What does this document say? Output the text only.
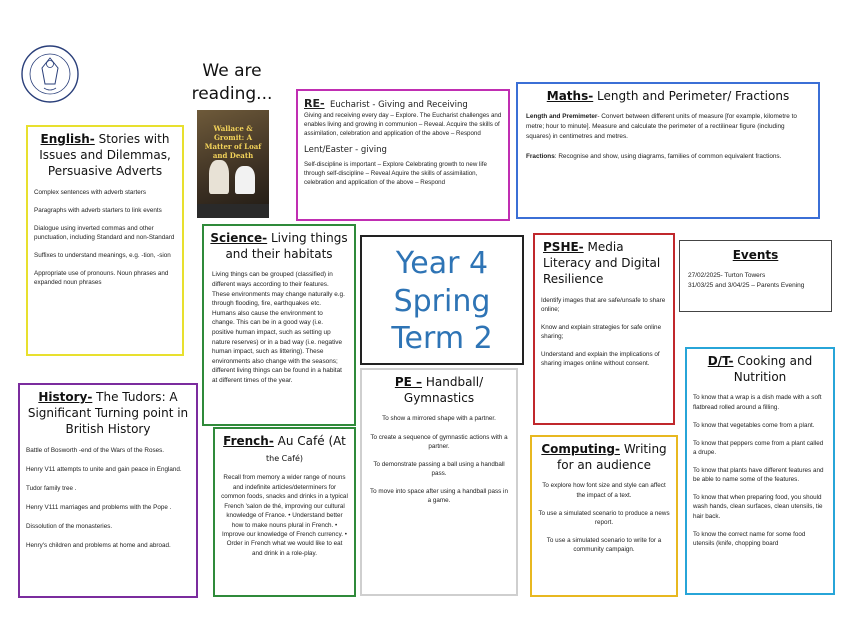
We are
reading...
Wallace & Gromit: A Matter of Loaf and Death
RE- Eucharist - Giving and Receiving

Giving and receiving every day – Explore. The Eucharist challenges and enables living and growing in communion – Reveal. Acquire the skills of assimilation, celebration and application of the above – Respond

Lent/Easter - giving

Self-discipline is important – Explore Celebrating growth to new life through self-discipline – Reveal Aquire the skills of assimilation, celebration and application of the above – Respond

Maths- Length and Perimeter/ Fractions

Length and Premimeter- Convert between different units of measure [for example, kilometre to metre; hour to minute]. Measure and calculate the perimeter of a rectilinear figure (including squares) in centimetres and metres.

Fractions: Recognise and show, using diagrams, families of common equivalent fractions.

English- Stories with Issues and Dilemmas, Persuasive Adverts

Complex sentences with adverb starters

Paragraphs with adverb starters to link events

Dialogue using inverted commas and other punctuation, including Standard and non-Standard

Suffixes to understand meanings, e.g. -tion, -sion

Appropriate use of pronouns. Noun phrases and expanded noun phrases

Science- Living things and their habitats

Living things can be grouped (classified) in different ways according to their features. These environments may change naturally e.g. through flooding, fire, earthquakes etc. Humans also cause the environment to change. This can be in a good way (i.e. positive human impact, such as setting up nature reserves) or in a bad way (i.e. negative human impact, such as littering). These environments also change with the seasons; different living things can be found in a habitat at different times of the year.

Year 4
Spring
Term 2
PSHE- Media Literacy and Digital Resilience

Identify images that are safe/unsafe to share online;

Know and explain strategies for safe online sharing;

Understand and explain the implications of sharing images online without consent.

Events

27/02/2025- Turton Towers

31/03/25 and 3/04/25 – Parents Evening

History- The Tudors: A Significant Turning point in British History

Battle of Bosworth -end of the Wars of the Roses.

Henry V11 attempts to unite and gain peace in England.

Tudor family tree .

Henry V111 marriages and problems with the Pope .

Dissolution of the monasteries.

Henry's children and problems at home and abroad.

PE – Handball/ Gymnastics

To show a mirrored shape with a partner.

To create a sequence of gymnastic actions with a partner.

To demonstrate passing a ball using a handball pass.

To move into space after using a handball pass in a game.

French- Au Café (At
the Café)

Recall from memory a wider range of nouns and indefinite articles/determiners for common foods, snacks and drinks in a typical French 'salon de thé, improving our cultural knowledge of France. • Understand better how to make nouns plural in French. • Improve our knowledge of French currency. • Order in French what we would like to eat and drink in a role-play.

Computing- Writing for an audience

To explore how font size and style can affect the impact of a text.

To use a simulated scenario to produce a news report.

To use a simulated scenario to write for a community campaign.

D/T- Cooking and Nutrition

To know that a wrap is a dish made with a soft flatbread rolled around a filling.

To know that vegetables come from a plant.

To know that peppers come from a plant called a drupe.

To know that plants have different features and be able to name some of the features.

To know that when preparing food, you should wash hands, clean surfaces, clean utensils, tie hair back.

To know the correct name for some food utensils (knife, chopping board
